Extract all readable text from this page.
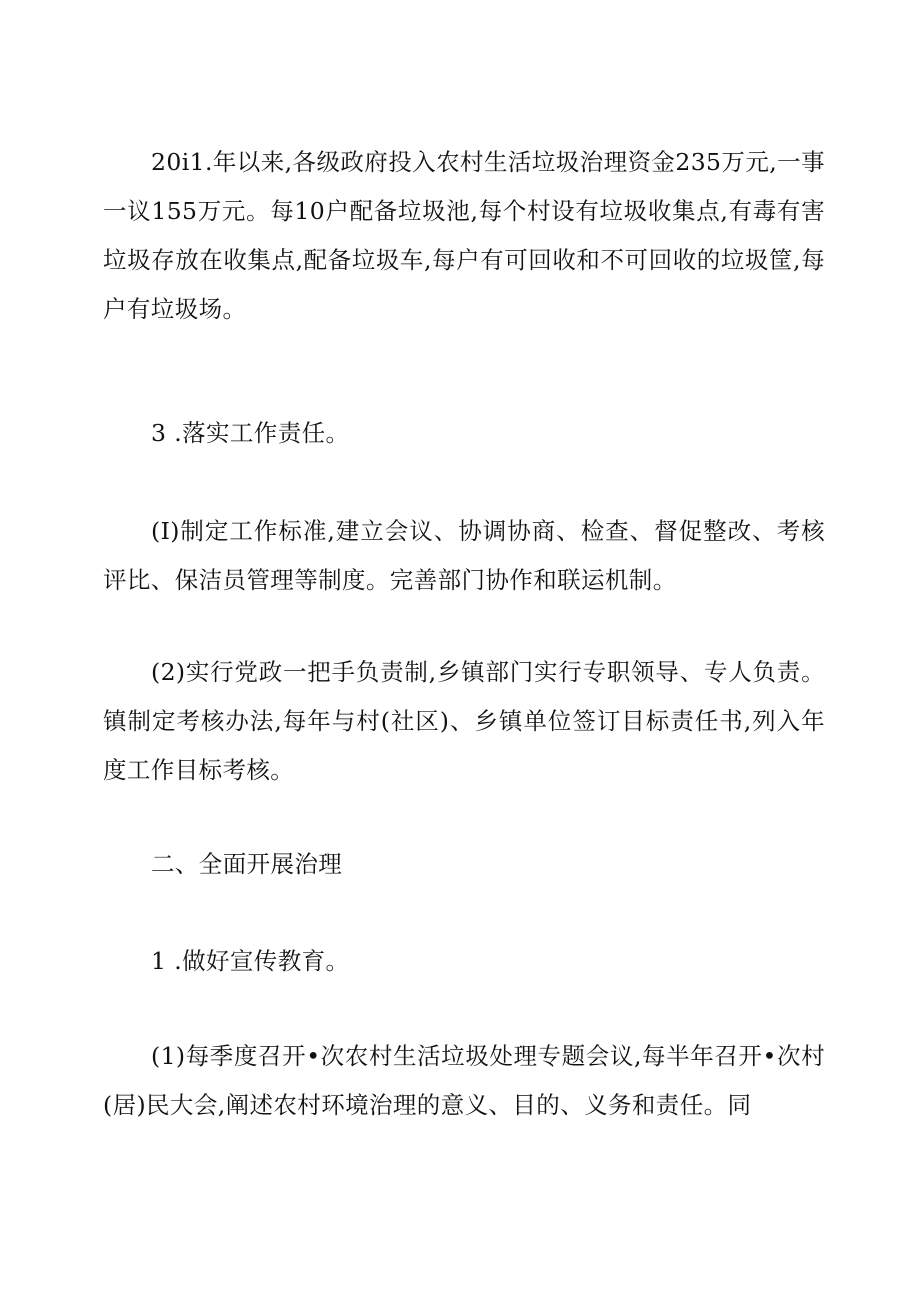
20i1.年以来,各级政府投入农村生活垃圾治理资金235万元,一事一议155万元。每10户配备垃圾池,每个村设有垃圾收集点,有毒有害垃圾存放在收集点,配备垃圾车,每户有可回收和不可回收的垃圾筐,每户有垃圾场。

3 .落实工作责任。

(I)制定工作标准,建立会议、协调协商、检查、督促整改、考核评比、保洁员管理等制度。完善部门协作和联运机制。

(2)实行党政一把手负责制,乡镇部门实行专职领导、专人负责。镇制定考核办法,每年与村(社区)、乡镇单位签订目标责任书,列入年度工作目标考核。

二、全面开展治理

1 .做好宣传教育。

(1)每季度召开•次农村生活垃圾处理专题会议,每半年召开•次村(居)民大会,阐述农村环境治理的意义、目的、义务和责任。同
